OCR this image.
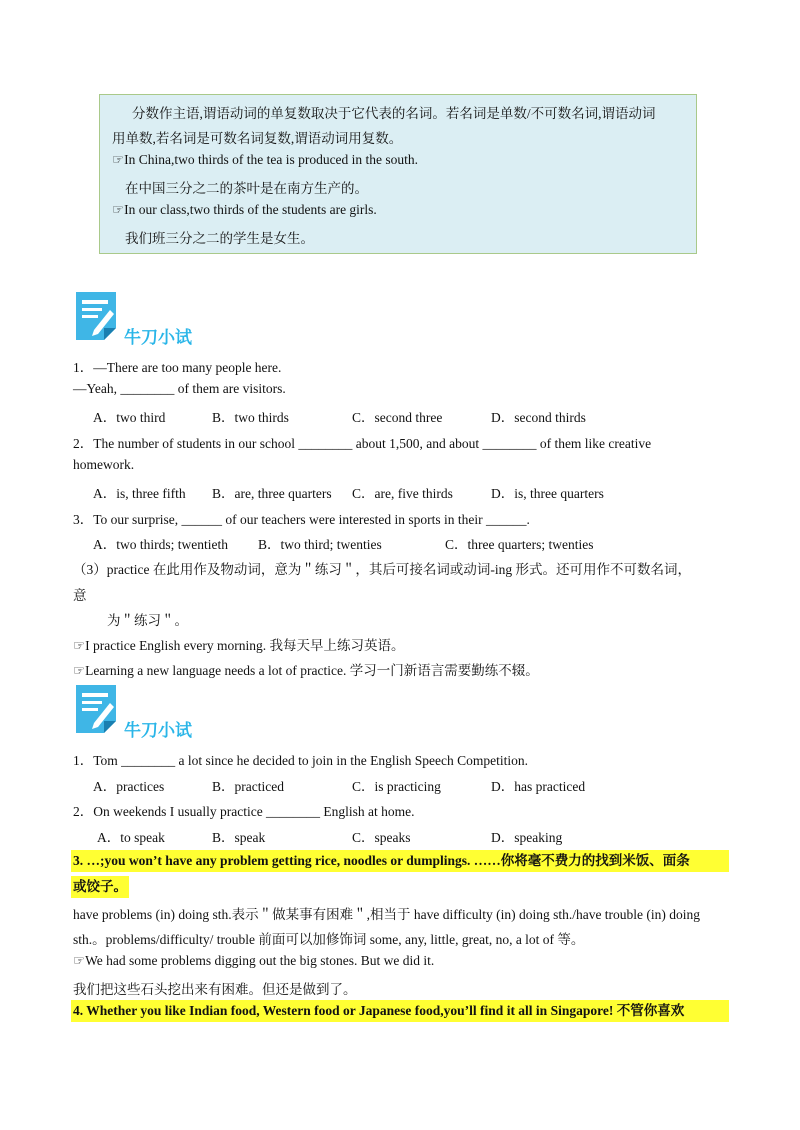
分数作主语,谓语动词的单复数取决于它代表的名词。若名词是单数/不可数名词,谓语动词
用单数,若名词是可数名词复数,谓语动词用复数。
☞In China,two thirds of the tea is produced in the south.
在中国三分之二的茶叶是在南方生产的。
☞In our class,two thirds of the students are girls.
我们班三分之二的学生是女生。
牛刀小试
1．—There are too many people here.
—Yeah, ________ of them are visitors.
A．two third	B．two thirds	C．second three	D．second thirds
2．The number of students in our school ________ about 1,500, and about ________ of them like creative
homework.
A．is, three fifth B．are, three quarters C．are, five thirds	D．is, three quarters
3．To our surprise, ______ of our teachers were interested in sports in their ______.
A．two thirds; twentieth B．two third; twenties	C．three quarters; twenties
（3）practice 在此用作及物动词，意为＂练习＂，其后可接名词或动词-ing 形式。还可用作不可数名词，
意
为＂练习＂。
☞I practice English every morning. 我每天早上练习英语。
☞Learning a new language needs a lot of practice. 学习一门新语言需要勤练不辍。
牛刀小试
1．Tom ________ a lot since he decided to join in the English Speech Competition.
A．practices	B．practiced	C．is practicing	D．has practiced
2．On weekends I usually practice ________ English at home.
A．to speak	B．speak	C．speaks	D．speaking
3. …;you won’t have any problem getting rice, noodles or dumplings. ……你将毫不费力的找到米饭、面条
或饺子。
have problems (in) doing sth.表示＂做某事有困难＂,相当于 have difficulty (in) doing sth./have trouble (in) doing
sth.。problems/difficulty/ trouble 前面可以加修饰词 some, any, little, great, no, a lot of 等。
☞We had some problems digging out the big stones. But we did it.
我们把这些石头挖出来有困难。但还是做到了。
4. Whether you like Indian food, Western food or Japanese food,you’ll find it all in Singapore! 不管你喜欢
